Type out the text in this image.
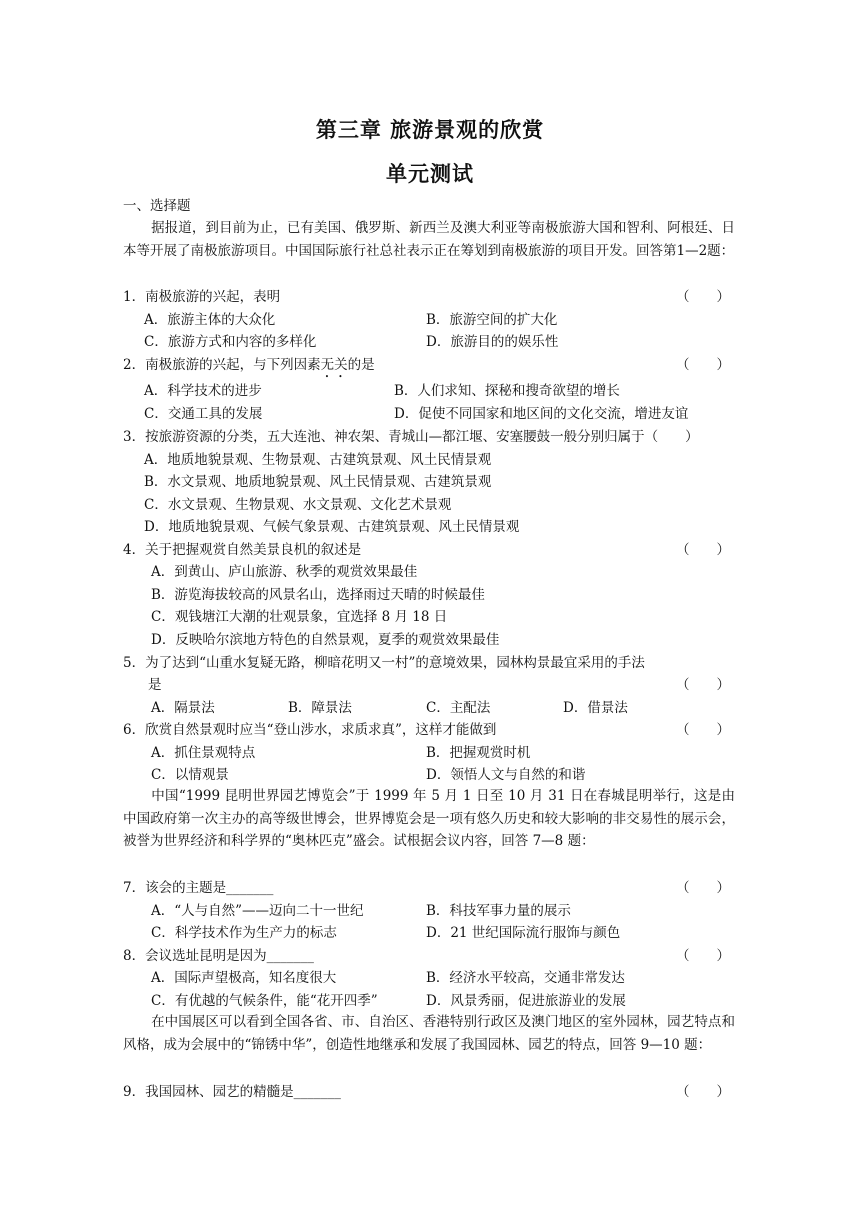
第三章 旅游景观的欣赏
单元测试
一、选择题
据报道，到目前为止，已有美国、俄罗斯、新西兰及澳大利亚等南极旅游大国和智利、阿根廷、日本等开展了南极旅游项目。中国国际旅行社总社表示正在筹划到南极旅游的项目开发。回答第1—2题：
1．南极旅游的兴起，表明	（　　）
A．旅游主体的大众化	B．旅游空间的扩大化
C．旅游方式和内容的多样化	D．旅游目的的娱乐性
2．南极旅游的兴起，与下列因素无关的是	（　　）
A．科学技术的进步	B．人们求知、探秘和搜奇欲望的增长
C．交通工具的发展	D．促使不同国家和地区间的文化交流，增进友谊
3．按旅游资源的分类，五大连池、神农架、青城山—都江堰、安塞腰鼓一般分别归属于（　　）
A．地质地貌景观、生物景观、古建筑景观、风土民情景观
B．水文景观、地质地貌景观、风土民情景观、古建筑景观
C．水文景观、生物景观、水文景观、文化艺术景观
D．地质地貌景观、气候气象景观、古建筑景观、风土民情景观
4．关于把握观赏自然美景良机的叙述是	（　　）
A．到黄山、庐山旅游、秋季的观赏效果最佳
B．游览海拔较高的风景名山，选择雨过天晴的时候最佳
C．观钱塘江大潮的壮观景象，宜选择 8 月 18 日
D．反映哈尔滨地方特色的自然景观，夏季的观赏效果最佳
5．为了达到“山重水复疑无路，柳暗花明又一村”的意境效果，园林构景最宜采用的手法
是	（　　）
A．隔景法	B．障景法	C．主配法	D．借景法
6．欣赏自然景观时应当“登山涉水，求质求真”，这样才能做到	（　　）
A．抓住景观特点	B．把握观赏时机
C．以情观景	D．领悟人文与自然的和谐
中国“1999 昆明世界园艺博览会”于 1999 年 5 月 1 日至 10 月 31 日在春城昆明举行，这是由中国政府第一次主办的高等级世博会，世界博览会是一项有悠久历史和较大影响的非交易性的展示会，被誉为世界经济和科学界的“奥林匹克”盛会。试根据会议内容，回答 7—8 题：
7．该会的主题是_______	（　　）
A．“人与自然”——迈向二十一世纪	B．科技军事力量的展示
C．科学技术作为生产力的标志	D．21 世纪国际流行服饰与颜色
8．会议选址昆明是因为_______	（　　）
A．国际声望极高，知名度很大	B．经济水平较高，交通非常发达
C．有优越的气候条件，能“花开四季”	D．风景秀丽，促进旅游业的发展
在中国展区可以看到全国各省、市、自治区、香港特别行政区及澳门地区的室外园林，园艺特点和风格，成为会展中的“锦锈中华”，创造性地继承和发展了我国园林、园艺的特点，回答 9—10 题：
9．我国园林、园艺的精髓是_______	（　　）
